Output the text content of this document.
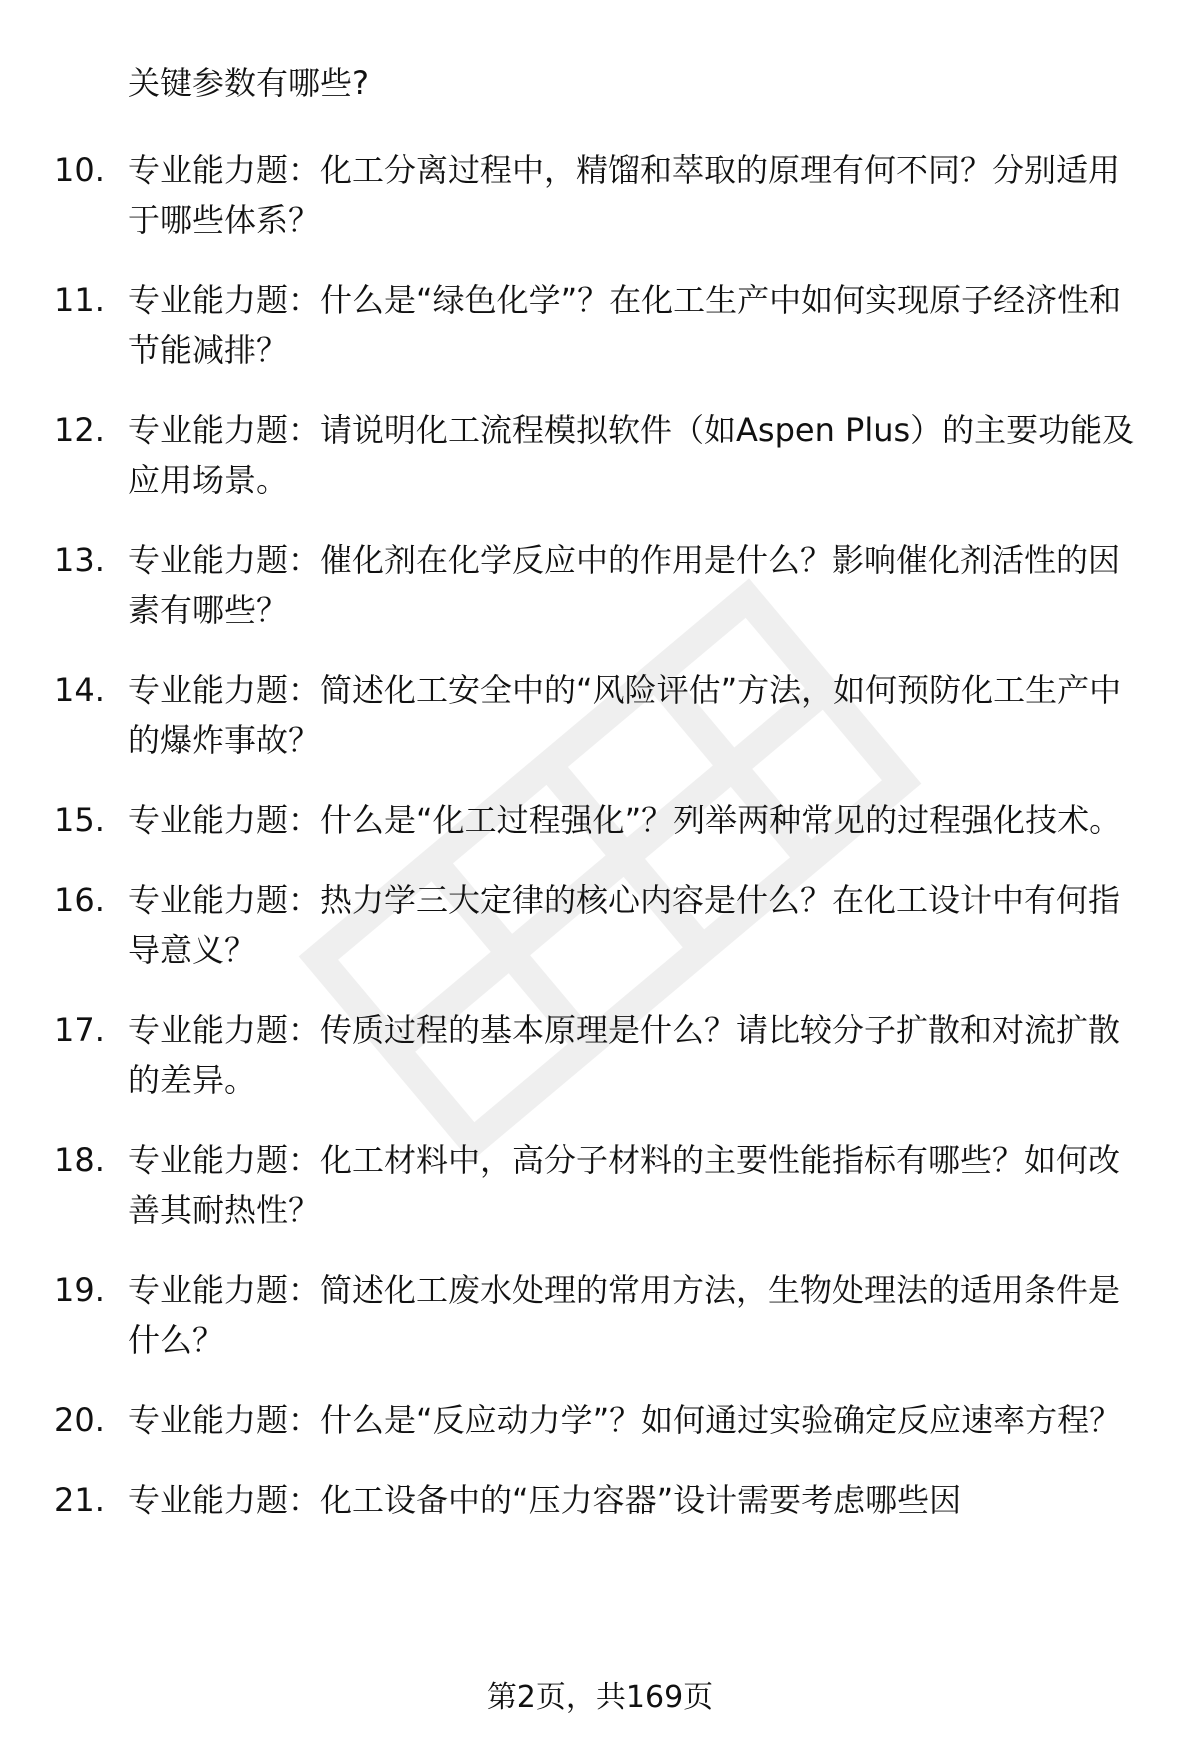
关键参数有哪些?
10. 专业能力题：化工分离过程中，精馏和萃取的原理有何不同？分别适用于哪些体系？
11. 专业能力题：什么是“绿色化学”？在化工生产中如何实现原子经济性和节能减排？
12. 专业能力题：请说明化工流程模拟软件（如Aspen Plus）的主要功能及应用场景。
13. 专业能力题：催化剂在化学反应中的作用是什么？影响催化剂活性的因素有哪些？
14. 专业能力题：简述化工安全中的“风险评估”方法，如何预防化工生产中的爆炸事故？
15. 专业能力题：什么是“化工过程强化”？列举两种常见的过程强化技术。
16. 专业能力题：热力学三大定律的核心内容是什么？在化工设计中有何指导意义？
17. 专业能力题：传质过程的基本原理是什么？请比较分子扩散和对流扩散的差异。
18. 专业能力题：化工材料中，高分子材料的主要性能指标有哪些？如何改善其耐热性？
19. 专业能力题：简述化工废水处理的常用方法，生物处理法的适用条件是什么？
20. 专业能力题：什么是“反应动力学”？如何通过实验确定反应速率方程？
21. 专业能力题：化工设备中的“压力容器”设计需要考虑哪些因
第2页，共169页
